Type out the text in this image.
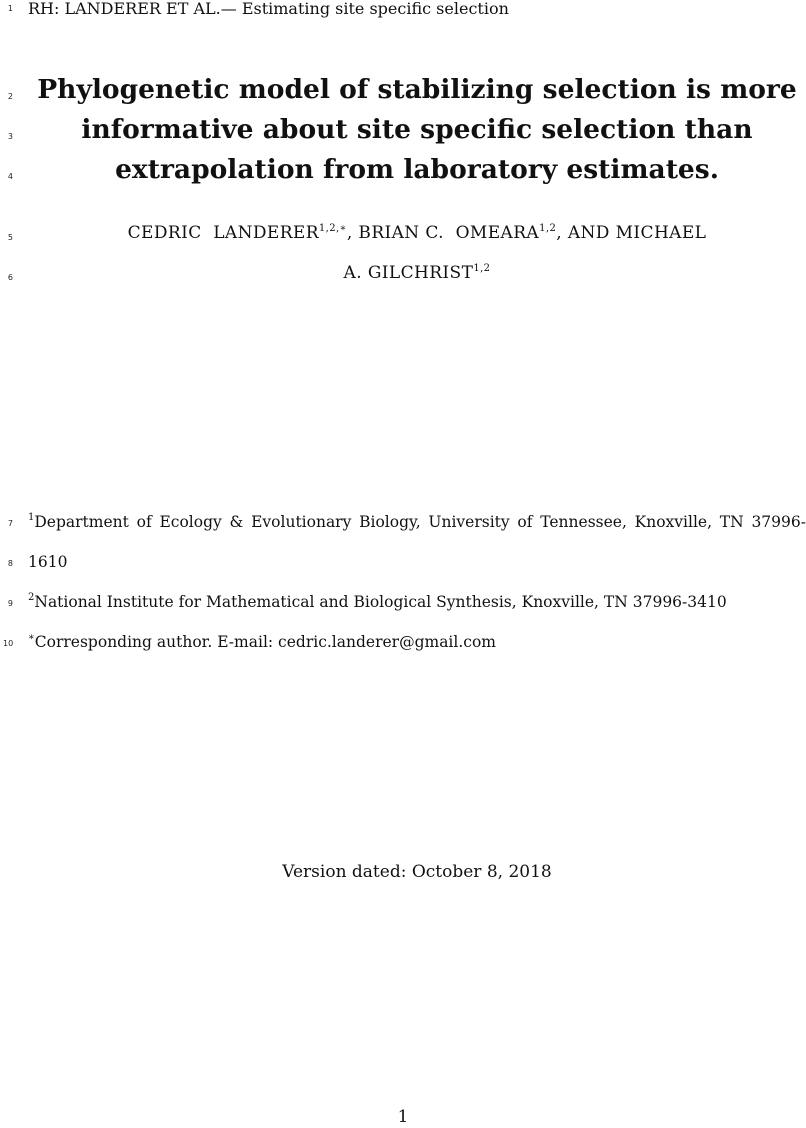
1
2
3
4
5
6
7
8
9
10
RH: LANDERER ET AL.— Estimating site specific selection
Phylogenetic model of stabilizing selection is more
informative about site specific selection than
extrapolation from laboratory estimates.
CEDRIC  $LANDERER^{1,2,∗}$, BRIAN C.  OMEARA$^{1,2}$, AND MICHAEL
A. GILCHRIST$^{1,2}$
$^1$Department of Ecology & Evolutionary Biology, University of Tennessee, Knoxville, TN 37996-
1610
$^2$National Institute for Mathematical and Biological Synthesis, Knoxville, TN 37996-3410
∗Corresponding author. E-mail: cedric.landerer@gmail.com
Version dated: October 8, 2018
1
